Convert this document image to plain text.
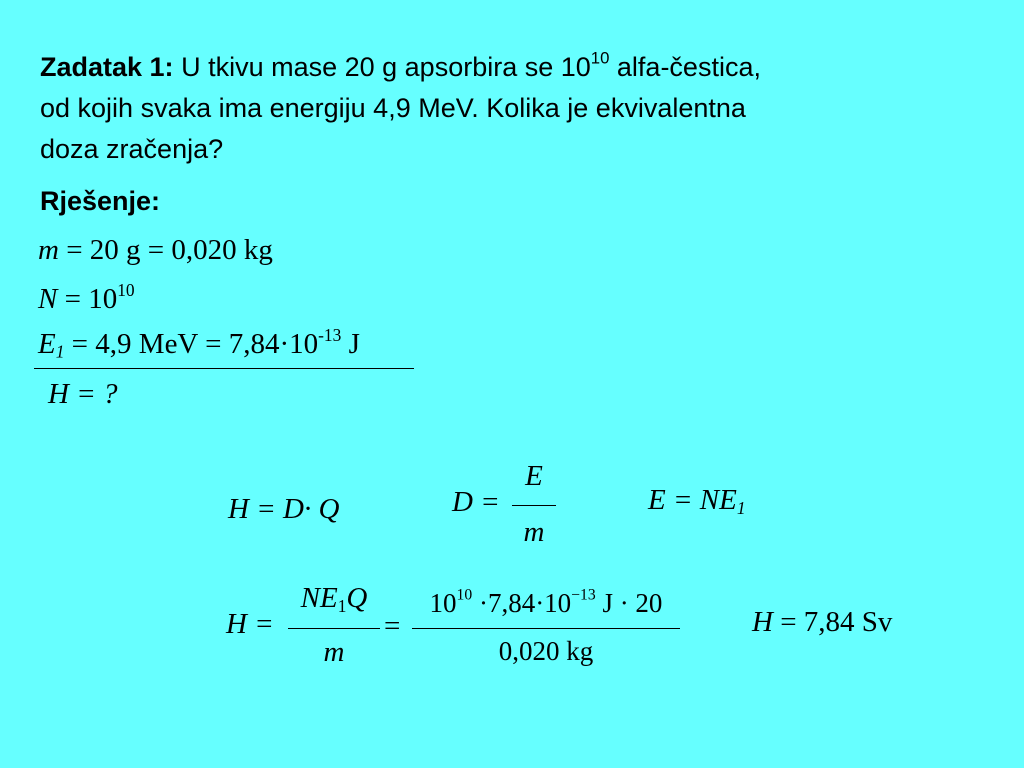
Zadatak 1: U tkivu mase 20 g apsorbira se $10^{10}$ alfa-čestica,
od kojih svaka ima energiju 4,9 MeV. Kolika je ekvivalentna
doza zračenja?
Rješenje:
m = 20 g = 0,020 kg
$N = 10^{10}$
$E_1 = 4,9$ MeV = $7,84\cdot 10^{-13}$ J
H = ?
H = D· Q	D =
E
m
E = NE1
H =
NE1Q
m
=
$10^{10} \cdot 7,84\cdot 10^{-13}$ J · 20
0,020 kg
H = 7,84 Sv
